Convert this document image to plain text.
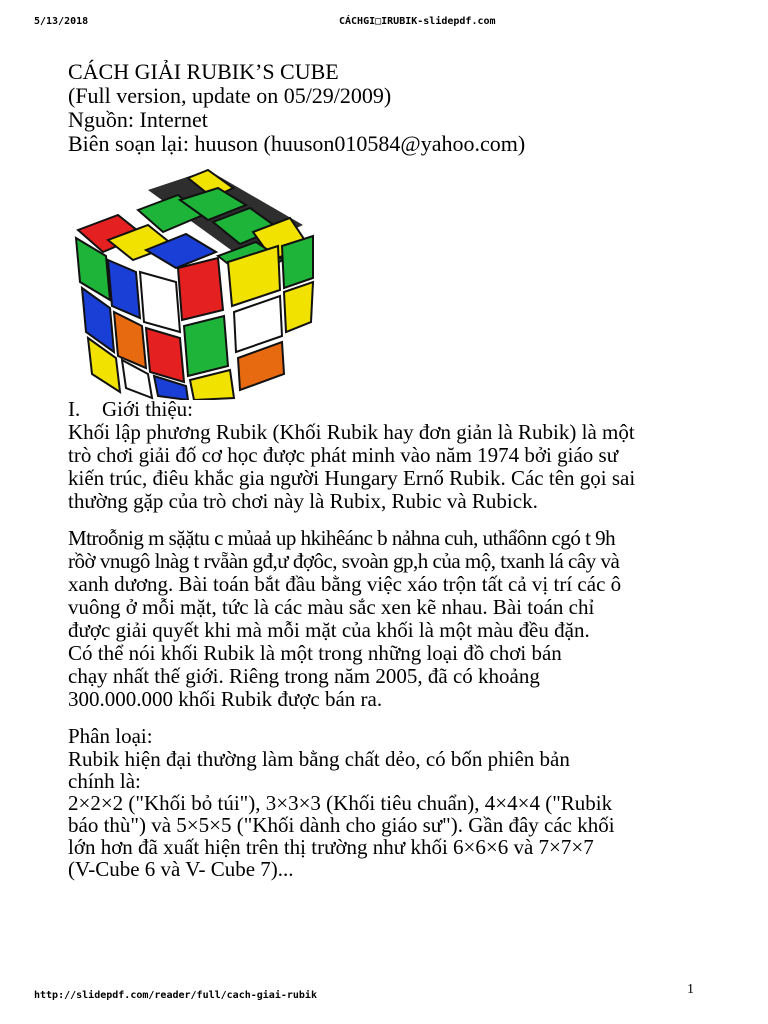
5/13/2018	CÁCHGI□IRUBIK-slidepdf.com
CÁCH GIẢI RUBIK’S CUBE
(Full version, update on 05/29/2009)
Nguồn: Internet
Biên soạn lại: huuson (huuson010584@yahoo.com)
I.	Giới thiệu:
Khối lập phương Rubik (Khối Rubik hay đơn giản là Rubik) là một
trò chơi giải đố cơ học được phát minh vào năm 1974 bởi giáo sư
kiến trúc, điêu khắc gia người Hungary Ernő Rubik. Các tên gọi sai
thường gặp của trò chơi này là Rubix, Rubic và Rubick.
Mtroỗnig m sặặtu c mủaả up hkihêánc b nảhna cuh, uthẩônn cgó t 9h
rồờ vnugô lnàg t rvẵàn gđ,ư đợôc, svoàn gp,h của mộ, txanh lá cây và
xanh dương. Bài toán bắt đầu bằng việc xáo trộn tất cả vị trí các ô
vuông ở mỗi mặt, tức là các màu sắc xen kẽ nhau. Bài toán chỉ
được giải quyết khi mà mỗi mặt của khối là một màu đều đặn.
Có thể nói khối Rubik là một trong những loại đồ chơi bán
chạy nhất thế giới. Riêng trong năm 2005, đã có khoảng
300.000.000 khối Rubik được bán ra.
Phân loại:
Rubik hiện đại thường làm bằng chất dẻo, có bốn phiên bản
chính là:
2×2×2 ("Khối bỏ túi"), 3×3×3 (Khối tiêu chuẩn), 4×4×4 ("Rubik
báo thù") và 5×5×5 ("Khối dành cho giáo sư"). Gần đây các khối
lớn hơn đã xuất hiện trên thị trường như khối 6×6×6 và 7×7×7
(V-Cube 6 và V- Cube 7)...
http://slidepdf.com/reader/full/cach-giai-rubik	1
